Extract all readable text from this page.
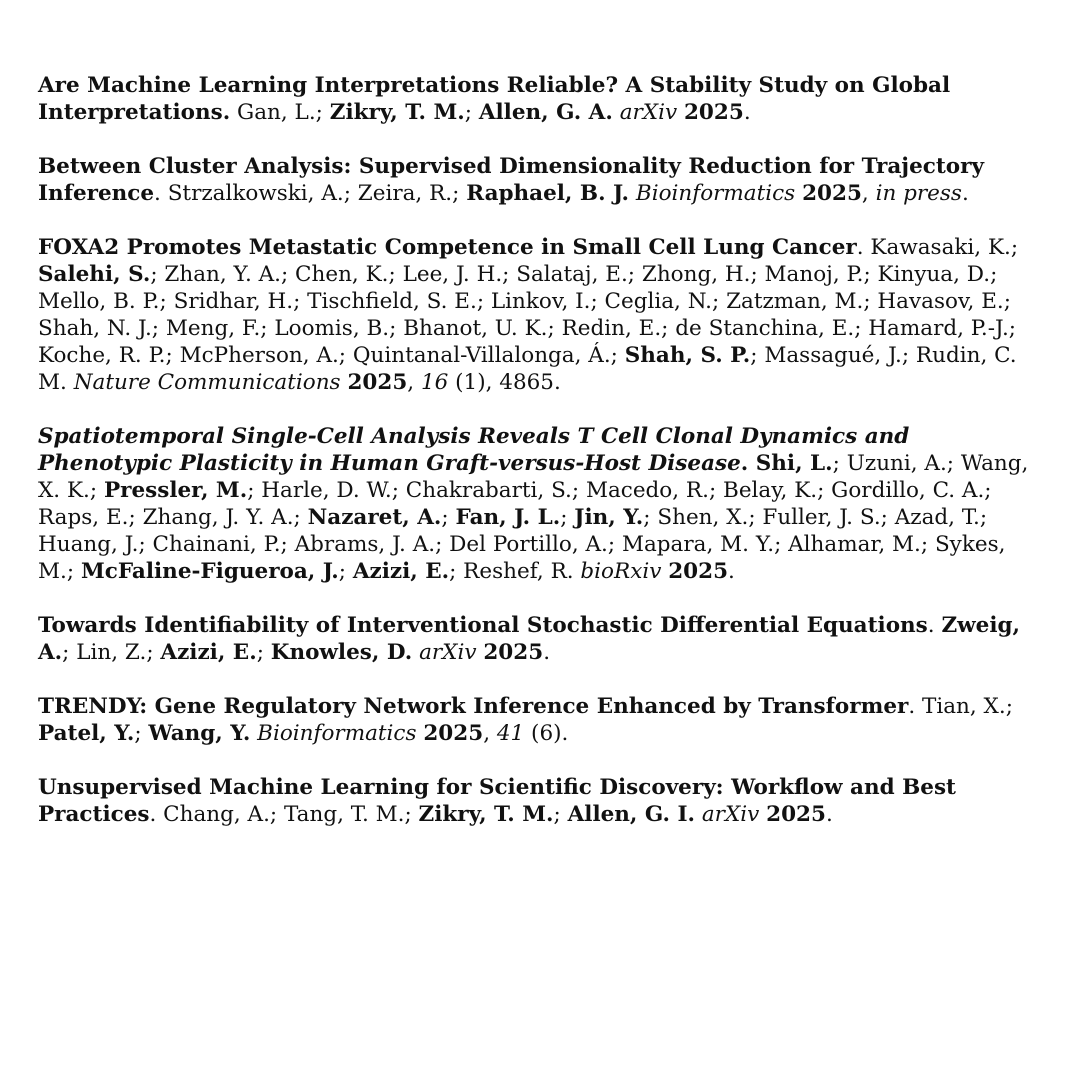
Are Machine Learning Interpretations Reliable? A Stability Study on Global Interpretations. Gan, L.; Zikry, T. M.; Allen, G. A. arXiv 2025.

Between Cluster Analysis: Supervised Dimensionality Reduction for Trajectory Inference. Strzalkowski, A.; Zeira, R.; Raphael, B. J. Bioinformatics 2025, in press.

FOXA2 Promotes Metastatic Competence in Small Cell Lung Cancer. Kawasaki, K.; Salehi, S.; Zhan, Y. A.; Chen, K.; Lee, J. H.; Salataj, E.; Zhong, H.; Manoj, P.; Kinyua, D.; Mello, B. P.; Sridhar, H.; Tischfield, S. E.; Linkov, I.; Ceglia, N.; Zatzman, M.; Havasov, E.; Shah, N. J.; Meng, F.; Loomis, B.; Bhanot, U. K.; Redin, E.; de Stanchina, E.; Hamard, P.-J.; Koche, R. P.; McPherson, A.; Quintanal-Villalonga, Á.; Shah, S. P.; Massagué, J.; Rudin, C. M. Nature Communications 2025, 16 (1), 4865.

Spatiotemporal Single-Cell Analysis Reveals T Cell Clonal Dynamics and Phenotypic Plasticity in Human Graft-versus-Host Disease. Shi, L.; Uzuni, A.; Wang, X. K.; Pressler, M.; Harle, D. W.; Chakrabarti, S.; Macedo, R.; Belay, K.; Gordillo, C. A.; Raps, E.; Zhang, J. Y. A.; Nazaret, A.; Fan, J. L.; Jin, Y.; Shen, X.; Fuller, J. S.; Azad, T.; Huang, J.; Chainani, P.; Abrams, J. A.; Del Portillo, A.; Mapara, M. Y.; Alhamar, M.; Sykes, M.; McFaline-Figueroa, J.; Azizi, E.; Reshef, R. bioRxiv 2025.

Towards Identifiability of Interventional Stochastic Differential Equations. Zweig, A.; Lin, Z.; Azizi, E.; Knowles, D. arXiv 2025.

TRENDY: Gene Regulatory Network Inference Enhanced by Transformer. Tian, X.; Patel, Y.; Wang, Y. Bioinformatics 2025, 41 (6).

Unsupervised Machine Learning for Scientific Discovery: Workflow and Best Practices. Chang, A.; Tang, T. M.; Zikry, T. M.; Allen, G. I. arXiv 2025.
